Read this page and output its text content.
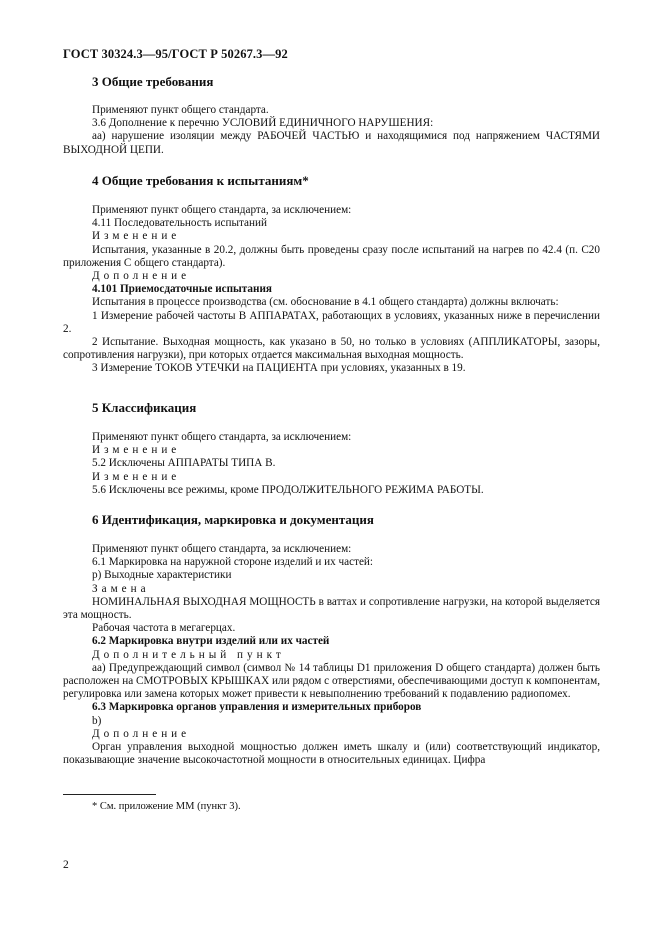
ГОСТ 30324.3—95/ГОСТ Р 50267.3—92
3 Общие требования

Применяют пункт общего стандарта.

3.6 Дополнение к перечню УСЛОВИЙ ЕДИНИЧНОГО НАРУШЕНИЯ:

аа) нарушение изоляции между РАБОЧЕЙ ЧАСТЬЮ и находящимися под напряжением ЧАСТЯМИ ВЫХОДНОЙ ЦЕПИ.

4 Общие требования к испытаниям*

Применяют пункт общего стандарта, за исключением:

4.11 Последовательность испытаний

Изменение

Испытания, указанные в 20.2, должны быть проведены сразу после испытаний на нагрев по 42.4 (п. С20 приложения С общего стандарта).

Дополнение

4.101 Приемосдаточные испытания

Испытания в процессе производства (см. обоснование в 4.1 общего стандарта) должны включать:

1 Измерение рабочей частоты В АППАРАТАХ, работающих в условиях, указанных ниже в перечислении 2.

2 Испытание. Выходная мощность, как указано в 50, но только в условиях (АППЛИКАТОРЫ, зазоры, сопротивления нагрузки), при которых отдается максимальная выходная мощность.

3 Измерение ТОКОВ УТЕЧКИ на ПАЦИЕНТА при условиях, указанных в 19.

5 Классификация

Применяют пункт общего стандарта, за исключением:

Изменение

5.2 Исключены АППАРАТЫ ТИПА В.

Изменение

5.6 Исключены все режимы, кроме ПРОДОЛЖИТЕЛЬНОГО РЕЖИМА РАБОТЫ.

6 Идентификация, маркировка и документация

Применяют пункт общего стандарта, за исключением:

6.1 Маркировка на наружной стороне изделий и их частей:

р) Выходные характеристики

Замена

НОМИНАЛЬНАЯ ВЫХОДНАЯ МОЩНОСТЬ в ваттах и сопротивление нагрузки, на которой выделяется эта мощность.

Рабочая частота в мегагерцах.

6.2 Маркировка внутри изделий или их частей

Дополнительный пункт

аа) Предупреждающий символ (символ № 14 таблицы D1 приложения D общего стандарта) должен быть расположен на СМОТРОВЫХ КРЫШКАХ или рядом с отверстиями, обеспечивающими доступ к компонентам, регулировка или замена которых может привести к невыполнению требований к подавлению радиопомех.

6.3 Маркировка органов управления и измерительных приборов

b)

Дополнение

Орган управления выходной мощностью должен иметь шкалу и (или) соответствующий индикатор, показывающие значение высокочастотной мощности в относительных единицах. Цифра

* См. приложение ММ (пункт 3).
2
